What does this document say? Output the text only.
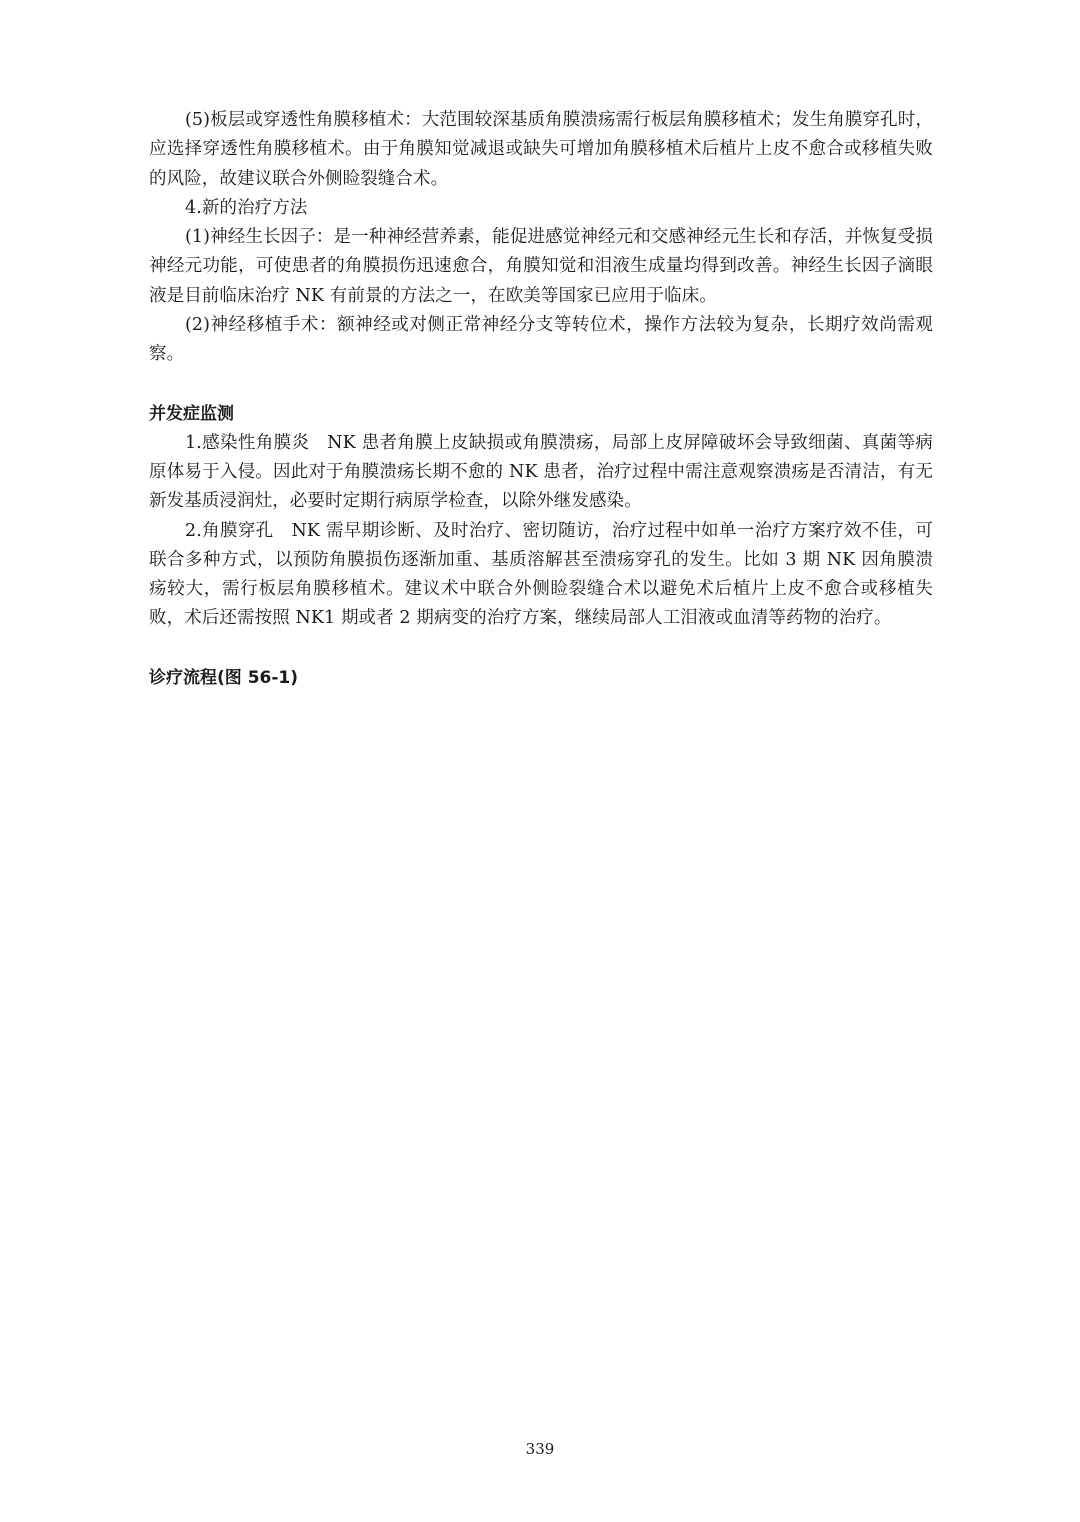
(5)板层或穿透性角膜移植术：大范围较深基质角膜溃疡需行板层角膜移植术；发生角膜穿孔时，应选择穿透性角膜移植术。由于角膜知觉减退或缺失可增加角膜移植术后植片上皮不愈合或移植失败的风险，故建议联合外侧睑裂缝合术。

4.新的治疗方法

(1)神经生长因子：是一种神经营养素，能促进感觉神经元和交感神经元生长和存活，并恢复受损神经元功能，可使患者的角膜损伤迅速愈合，角膜知觉和泪液生成量均得到改善。神经生长因子滴眼液是目前临床治疗 NK 有前景的方法之一，在欧美等国家已应用于临床。

(2)神经移植手术：额神经或对侧正常神经分支等转位术，操作方法较为复杂，长期疗效尚需观察。

并发症监测

1.感染性角膜炎　NK 患者角膜上皮缺损或角膜溃疡，局部上皮屏障破坏会导致细菌、真菌等病原体易于入侵。因此对于角膜溃疡长期不愈的 NK 患者，治疗过程中需注意观察溃疡是否清洁，有无新发基质浸润灶，必要时定期行病原学检查，以除外继发感染。

2.角膜穿孔　NK 需早期诊断、及时治疗、密切随访，治疗过程中如单一治疗方案疗效不佳，可联合多种方式，以预防角膜损伤逐渐加重、基质溶解甚至溃疡穿孔的发生。比如 3 期 NK 因角膜溃疡较大，需行板层角膜移植术。建议术中联合外侧睑裂缝合术以避免术后植片上皮不愈合或移植失败，术后还需按照 NK1 期或者 2 期病变的治疗方案，继续局部人工泪液或血清等药物的治疗。

诊疗流程(图 56-1)
339
